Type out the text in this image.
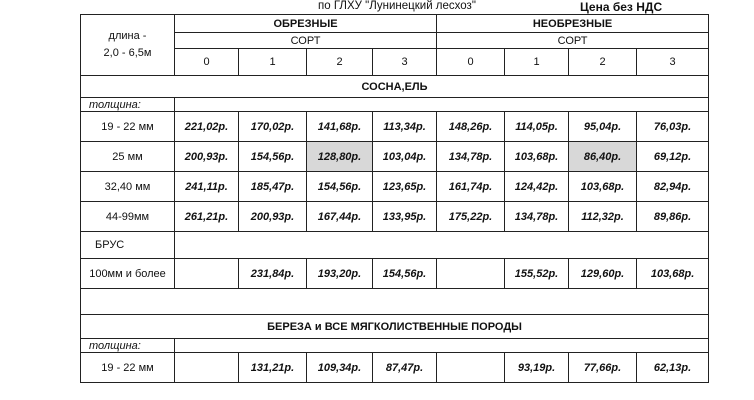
по ГЛХУ "Лунинецкий лесхоз"	Цена без НДС
длина -
2,0 - 6,5м	ОБРЕЗНЫЕ				НЕОБРЕЗНЫЕ			
	СОРТ				СОРТ			
	0	1	2	3	0	1	2	3
СОСНА,ЕЛЬ								
толщина:								
19 - 22 мм	221,02р.	170,02р.	141,68р.	113,34р.	148,26р.	114,05р.	95,04р.	76,03р.
25 мм	200,93р.	154,56р.	128,80р.	103,04р.	134,78р.	103,68р.	86,40р.	69,12р.
32,40 мм	241,11р.	185,47р.	154,56р.	123,65р.	161,74р.	124,42р.	103,68р.	82,94р.
44-99мм	261,21р.	200,93р.	167,44р.	133,95р.	175,22р.	134,78р.	112,32р.	89,86р.
БРУС								
100мм и более		231,84р.	193,20р.	154,56р.		155,52р.	129,60р.	103,68р.

БЕРЕЗА и ВСЕ МЯГКОЛИСТВЕННЫЕ ПОРОДЫ								
толщина:								
19 - 22 мм		131,21р.	109,34р.	87,47р.		93,19р.	77,66р.	62,13р.
